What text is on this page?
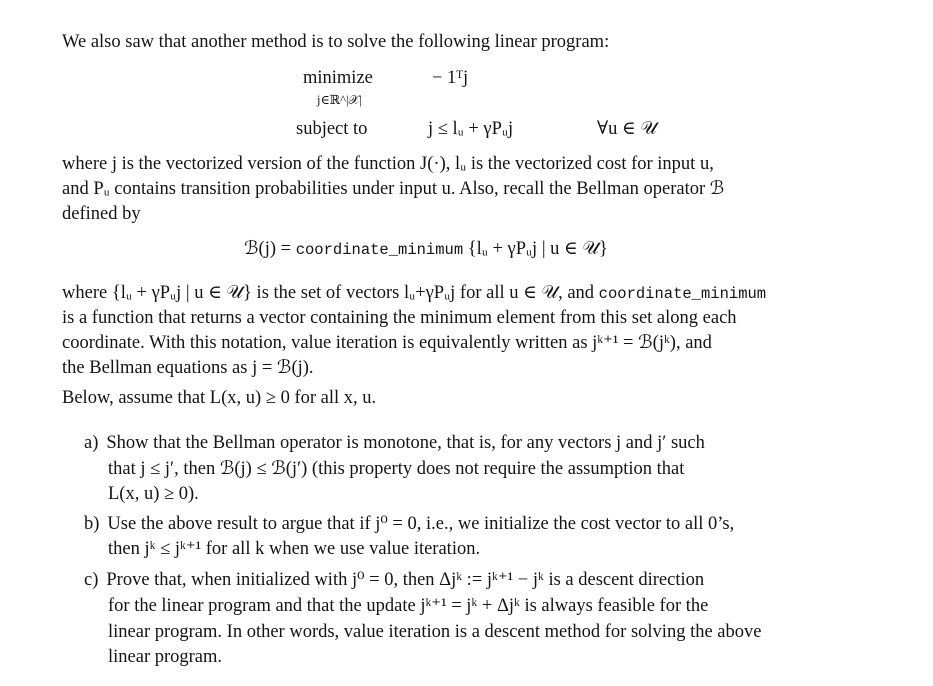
We also saw that another method is to solve the following linear program:
minimize
j∈ℝ^|𝒳|
− 1ᵀj
subject to	j ≤ lᵤ + γPᵤj	∀u ∈ 𝒰
where j is the vectorized version of the function J(·), lᵤ is the vectorized cost for input u,
and Pᵤ contains transition probabilities under input u. Also, recall the Bellman operator ℬ
defined by
ℬ(j) = coordinate_minimum {lᵤ + γPᵤj | u ∈ 𝒰}
where {lᵤ + γPᵤj | u ∈ 𝒰} is the set of vectors lᵤ+γPᵤj for all u ∈ 𝒰, and coordinate_minimum
is a function that returns a vector containing the minimum element from this set along each
coordinate. With this notation, value iteration is equivalently written as jᵏ⁺¹ = ℬ(jᵏ), and
the Bellman equations as j = ℬ(j).
Below, assume that L(x, u) ≥ 0 for all x, u.
a) Show that the Bellman operator is monotone, that is, for any vectors j and j′ such
that j ≤ j′, then ℬ(j) ≤ ℬ(j′) (this property does not require the assumption that
L(x, u) ≥ 0).
b) Use the above result to argue that if j⁰ = 0, i.e., we initialize the cost vector to all 0’s,
then jᵏ ≤ jᵏ⁺¹ for all k when we use value iteration.
c) Prove that, when initialized with j⁰ = 0, then Δjᵏ := jᵏ⁺¹ − jᵏ is a descent direction
for the linear program and that the update jᵏ⁺¹ = jᵏ + Δjᵏ is always feasible for the
linear program. In other words, value iteration is a descent method for solving the above
linear program.
